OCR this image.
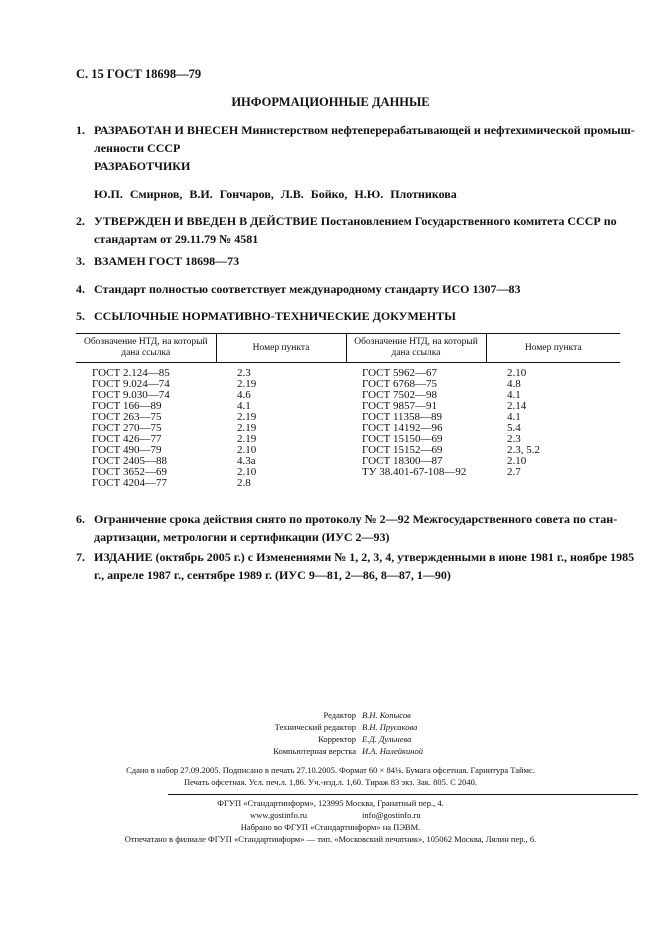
С. 15 ГОСТ 18698—79
ИНФОРМАЦИОННЫЕ ДАННЫЕ
1. РАЗРАБОТАН И ВНЕСЕН Министерством нефтеперерабатывающей и нефтехимической промыш-ленности СССР
РАЗРАБОТЧИКИ
Ю.П. Смирнов, В.И. Гончаров, Л.В. Бойко, Н.Ю. Плотникова
2. УТВЕРЖДЕН И ВВЕДЕН В ДЕЙСТВИЕ Постановлением Государственного комитета СССР по стандартам от 29.11.79 № 4581
3. ВЗАМЕН ГОСТ 18698—73
4. Стандарт полностью соответствует международному стандарту ИСО 1307—83
5. ССЫЛОЧНЫЕ НОРМАТИВНО-ТЕХНИЧЕСКИЕ ДОКУМЕНТЫ
Обозначение НТД, на который дана ссылка	Номер пункта	Обозначение НТД, на который дана ссылка	Номер пункта
ГОСТ 2.124—85	2.3	ГОСТ 5962—67	2.10
ГОСТ 9.024—74	2.19	ГОСТ 6768—75	4.8
ГОСТ 9.030—74	4.6	ГОСТ 7502—98	4.1
ГОСТ 166—89	4.1	ГОСТ 9857—91	2.14
ГОСТ 263—75	2.19	ГОСТ 11358—89	4.1
ГОСТ 270—75	2.19	ГОСТ 14192—96	5.4
ГОСТ 426—77	2.19	ГОСТ 15150—69	2.3
ГОСТ 490—79	2.10	ГОСТ 15152—69	2.3, 5.2
ГОСТ 2405—88	4.3а	ГОСТ 18300—87	2.10
ГОСТ 3652—69	2.10	ТУ 38.401-67-108—92	2.7
ГОСТ 4204—77	2.8		
6. Ограничение срока действия снято по протоколу № 2—92 Межгосударственного совета по стан-дартизации, метрологии и сертификации (ИУС 2—93)
7. ИЗДАНИЕ (октябрь 2005 г.) с Изменениями № 1, 2, 3, 4, утвержденными в июне 1981 г., ноябре 1985 г., апреле 1987 г., сентябре 1989 г. (ИУС 9—81, 2—86, 8—87, 1—90)
Редактор В.Н. Копысов
Технический редактор В.Н. Прусакова
Корректор Е.Д. Дульнева
Компьютерная верстка И.А. Налейкиной
Сдано в набор 27.09.2005. Подписано в печать 27.10.2005. Формат 60 × 84⅛. Бумага офсетная. Гарнитура Таймс.
Печать офсетная. Усл. печ.л. 1,86. Уч.-изд.л. 1,60. Тираж 83 экз. Зак. 805. С 2040.
ФГУП «Стандартинформ», 123995 Москва, Гранатный пер., 4.
www.gostinfo.ru	info@gostinfo.ru
Набрано во ФГУП «Стандартинформ» на ПЭВМ.
Отпечатано в филиале ФГУП «Стандартинформ» — тип. «Московский печатник», 105062 Москва, Лялин пер., 6.
